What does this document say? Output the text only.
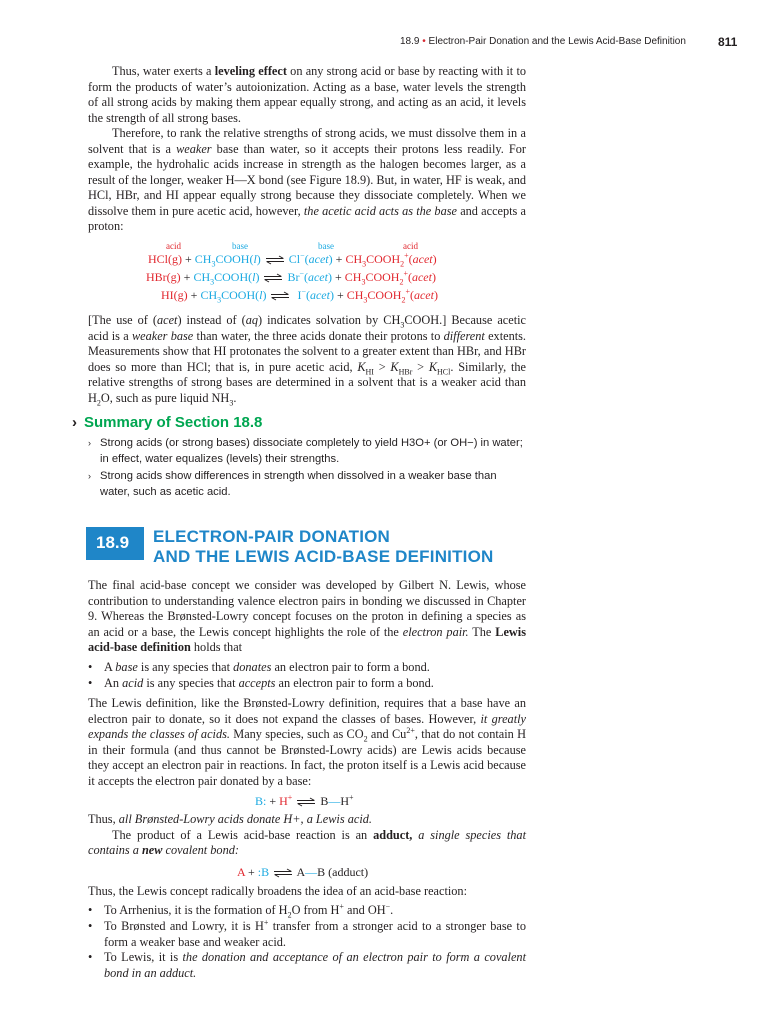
18.9 • Electron-Pair Donation and the Lewis Acid-Base Definition	811

Thus, water exerts a leveling effect on any strong acid or base by reacting with it to form the products of water’s autoionization. Acting as a base, water levels the strength of all strong acids by making them appear equally strong, and acting as an acid, it levels the strength of all strong bases.

Therefore, to rank the relative strengths of strong acids, we must dissolve them in a solvent that is a weaker base than water, so it accepts their protons less readily. For example, the hydrohalic acids increase in strength as the halogen becomes larger, as a result of the longer, weaker H—X bond (see Figure 18.9). But, in water, HF is weak, and HCl, HBr, and HI appear equally strong because they dissociate completely. When we dissolve them in pure acetic acid, however, the acetic acid acts as the base and accepts a proton:

acid	base	base	acid
$HCl(g) + CH_3COOH(l)$ ⇌ Cl−(acet) + $CH_3COOH_2^+(acet)$
$HBr(g) + CH_3COOH(l)$ ⇌ Br−(acet) + $CH_3COOH_2^+(acet)$
$HI(g) + CH_3COOH(l)$ ⇌ I−(acet) + $CH_3COOH_2^+(acet)$

[The use of (acet) instead of (aq) indicates solvation by $CH_3COOH$.] Because acetic acid is a weaker base than water, the three acids donate their protons to different extents. Measurements show that HI protonates the solvent to a greater extent than HBr, and HBr does so more than HCl; that is, in pure acetic acid, $K_{HI} > K_{HBr} > K_{HCl}$. Similarly, the relative strengths of strong bases are determined in a solvent that is a weaker acid than $H_2O$, such as pure liquid $NH_3$.

› Summary of Section 18.8
› Strong acids (or strong bases) dissociate completely to yield H3O+ (or OH−) in water; in effect, water equalizes (levels) their strengths.
› Strong acids show differences in strength when dissolved in a weaker base than water, such as acetic acid.
18.9	ELECTRON-PAIR DONATION
AND THE LEWIS ACID-BASE DEFINITION

The final acid-base concept we consider was developed by Gilbert N. Lewis, whose contribution to understanding valence electron pairs in bonding we discussed in Chapter 9. Whereas the Brønsted-Lowry concept focuses on the proton in defining a species as an acid or a base, the Lewis concept highlights the role of the electron pair. The Lewis acid-base definition holds that

• A base is any species that donates an electron pair to form a bond.
• An acid is any species that accepts an electron pair to form a bond.

The Lewis definition, like the Brønsted-Lowry definition, requires that a base have an electron pair to donate, so it does not expand the classes of bases. However, it greatly expands the classes of acids. Many species, such as $CO_2$ and $Cu^{2+}$, that do not contain H in their formula (and thus cannot be Brønsted-Lowry acids) are Lewis acids because they accept an electron pair in reactions. In fact, the proton itself is a Lewis acid because it accepts the electron pair donated by a base:

B: + H+ ⇌ B—H+

Thus, all Brønsted-Lowry acids donate H+, a Lewis acid.

The product of a Lewis acid-base reaction is an adduct, a single species that contains a new covalent bond:

A + :B ⇌ A—B (adduct)

Thus, the Lewis concept radically broadens the idea of an acid-base reaction:

• To Arrhenius, it is the formation of $H_2O$ from H+ and OH−.
• To Brønsted and Lowry, it is H+ transfer from a stronger acid to a stronger base to form a weaker base and weaker acid.
• To Lewis, it is the donation and acceptance of an electron pair to form a covalent bond in an adduct.
